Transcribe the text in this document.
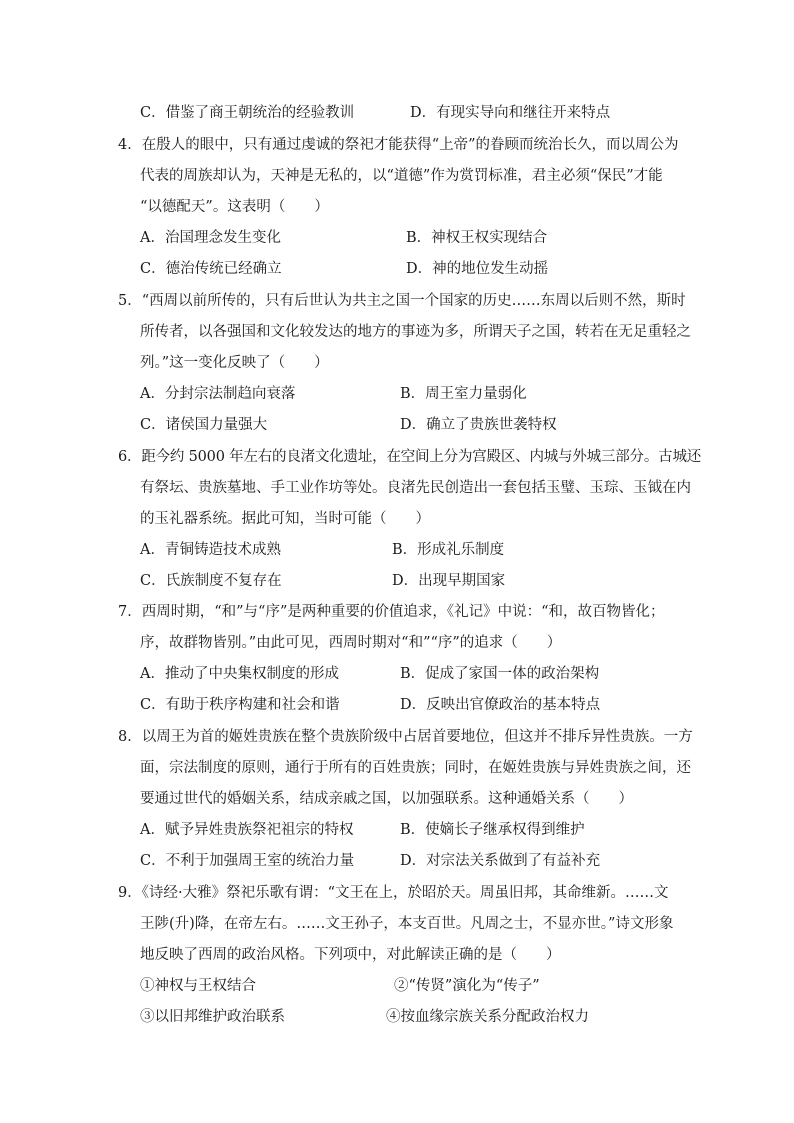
C．借鉴了商王朝统治的经验教训	D．有现实导向和继往开来特点
4．在殷人的眼中，只有通过虔诚的祭祀才能获得“上帝”的眷顾而统治长久，而以周公为
代表的周族却认为，天神是无私的，以“道德”作为赏罚标准，君主必须“保民”才能
“以德配天”。这表明（　　）
A．治国理念发生变化	B．神权王权实现结合
C．德治传统已经确立	D．神的地位发生动摇
5．“西周以前所传的，只有后世认为共主之国一个国家的历史……东周以后则不然，斯时
所传者，以各强国和文化较发达的地方的事迹为多，所谓天子之国，转若在无足重轻之
列。”这一变化反映了（　　）
A．分封宗法制趋向衰落	B．周王室力量弱化
C．诸侯国力量强大	D．确立了贵族世袭特权
6．距今约 5000 年左右的良渚文化遗址，在空间上分为宫殿区、内城与外城三部分。古城还
有祭坛、贵族墓地、手工业作坊等处。良渚先民创造出一套包括玉璧、玉琮、玉钺在内
的玉礼器系统。据此可知，当时可能（　　）
A．青铜铸造技术成熟	B．形成礼乐制度
C．氏族制度不复存在	D．出现早期国家
7．西周时期，“和”与“序”是两种重要的价值追求，《礼记》中说：“和，故百物皆化；
序，故群物皆别。”由此可见，西周时期对“和”“序”的追求（　　）
A．推动了中央集权制度的形成	B．促成了家国一体的政治架构
C．有助于秩序构建和社会和谐	D．反映出官僚政治的基本特点
8．以周王为首的姬姓贵族在整个贵族阶级中占居首要地位，但这并不排斥异性贵族。一方
面，宗法制度的原则，通行于所有的百姓贵族；同时，在姬姓贵族与异姓贵族之间，还
要通过世代的婚姻关系，结成亲戚之国，以加强联系。这种通婚关系（　　）
A．赋予异姓贵族祭祀祖宗的特权	B．使嫡长子继承权得到维护
C．不利于加强周王室的统治力量	D．对宗法关系做到了有益补充
9．《诗经·大雅》祭祀乐歌有谓：“文王在上，於昭於天。周虽旧邦，其命维新。……文
王陟(升)降，在帝左右。……文王孙子，本支百世。凡周之士，不显亦世。”诗文形象
地反映了西周的政治风格。下列项中，对此解读正确的是（　　）
①神权与王权结合	②“传贤”演化为“传子”
③以旧邦维护政治联系	④按血缘宗族关系分配政治权力
